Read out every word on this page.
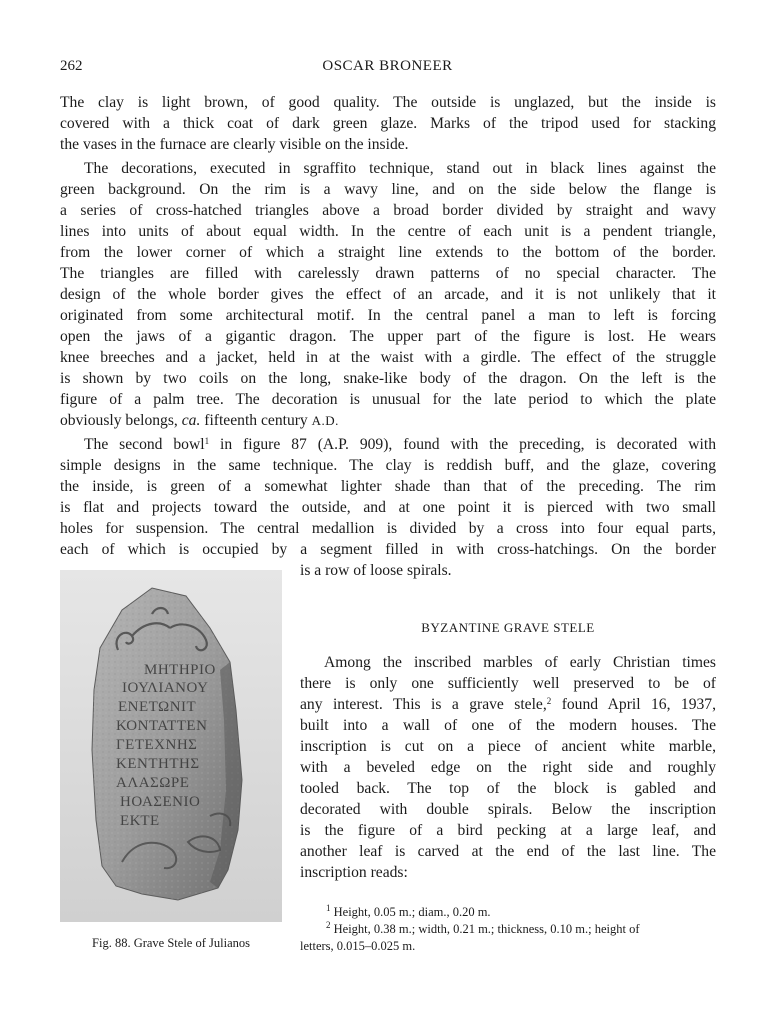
262	OSCAR BRONEER
The clay is light brown, of good quality. The outside is unglazed, but the inside is
covered with a thick coat of dark green glaze. Marks of the tripod used for stacking
the vases in the furnace are clearly visible on the inside.
The decorations, executed in sgraffito technique, stand out in black lines against the
green background. On the rim is a wavy line, and on the side below the flange is
a series of cross-hatched triangles above a broad border divided by straight and wavy
lines into units of about equal width. In the centre of each unit is a pendent triangle,
from the lower corner of which a straight line extends to the bottom of the border.
The triangles are filled with carelessly drawn patterns of no special character. The
design of the whole border gives the effect of an arcade, and it is not unlikely that it
originated from some architectural motif. In the central panel a man to left is forcing
open the jaws of a gigantic dragon. The upper part of the figure is lost. He wears
knee breeches and a jacket, held in at the waist with a girdle. The effect of the struggle
is shown by two coils on the long, snake-like body of the dragon. On the left is the
figure of a palm tree. The decoration is unusual for the late period to which the plate
obviously belongs, ca. fifteenth century A.D.
The second bowl$^1$ in figure 87 (A.P. 909), found with the preceding, is decorated with
simple designs in the same technique. The clay is reddish buff, and the glaze, covering
the inside, is green of a somewhat lighter shade than that of the preceding. The rim
is flat and projects toward the outside, and at one point it is pierced with two small
holes for suspension. The central medallion is divided by a cross into four equal parts,
each of which is occupied by a segment filled in with cross-hatchings. On the border
is a row of loose spirals.
ΜΗΤΗΡΙΟ
ΙΟΥΛΙΑΝΟΥ
ΕΝΕΤΩΝΙΤ
ΚΟΝΤΑΤΤΕΝ
ΓΕΤΕΧΝΗΣ
ΚΕΝΤΗΤΗΣ
ΑΛΑΣΩΡΕ
ΗΟΑΣΕΝΙΟ
ΕΚΤΕ
Fig. 88. Grave Stele of Julianos
BYZANTINE GRAVE STELE
Among the inscribed marbles of early Christian times
there is only one sufficiently well preserved to be of
any interest. This is a grave stele,$^2$ found April 16, 1937,
built into a wall of one of the modern houses. The
inscription is cut on a piece of ancient white marble,
with a beveled edge on the right side and roughly
tooled back. The top of the block is gabled and
decorated with double spirals. Below the inscription
is the figure of a bird pecking at a large leaf, and
another leaf is carved at the end of the last line. The
inscription reads:
$^1$ Height, 0.05 m.; diam., 0.20 m.
$^2$ Height, 0.38 m.; width, 0.21 m.; thickness, 0.10 m.; height of
letters, 0.015–0.025 m.
